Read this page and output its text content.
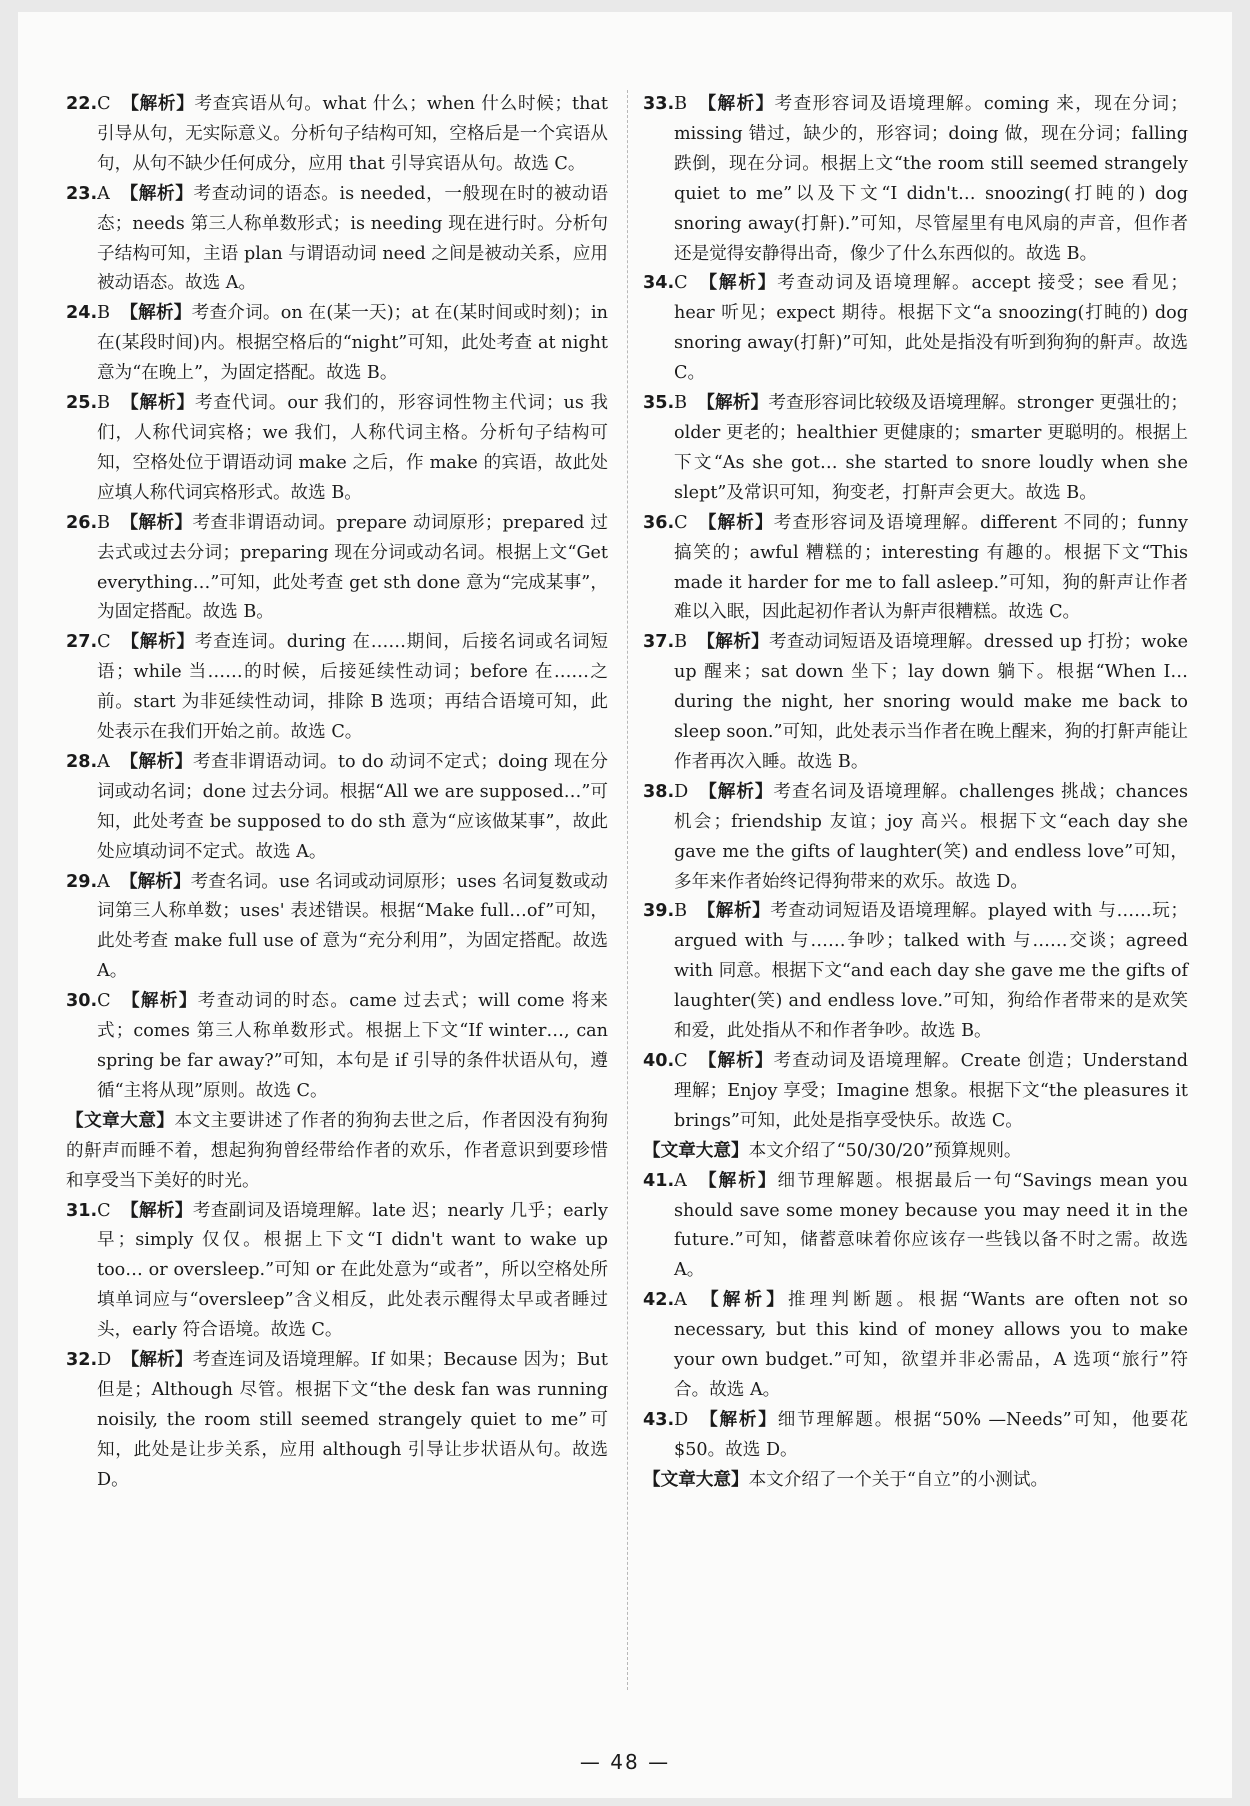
22.C 【解析】考查宾语从句。what 什么；when 什么时候；that 引导从句，无实际意义。分析句子结构可知，空格后是一个宾语从句，从句不缺少任何成分，应用 that 引导宾语从句。故选 C。

23.A 【解析】考查动词的语态。is needed，一般现在时的被动语态；needs 第三人称单数形式；is needing 现在进行时。分析句子结构可知，主语 plan 与谓语动词 need 之间是被动关系，应用被动语态。故选 A。

24.B 【解析】考查介词。on 在(某一天)；at 在(某时间或时刻)；in 在(某段时间)内。根据空格后的“night”可知，此处考查 at night 意为“在晚上”，为固定搭配。故选 B。

25.B 【解析】考查代词。our 我们的，形容词性物主代词；us 我们，人称代词宾格；we 我们，人称代词主格。分析句子结构可知，空格处位于谓语动词 make 之后，作 make 的宾语，故此处应填人称代词宾格形式。故选 B。

26.B 【解析】考查非谓语动词。prepare 动词原形；prepared 过去式或过去分词；preparing 现在分词或动名词。根据上文“Get everything…”可知，此处考查 get sth done 意为“完成某事”，为固定搭配。故选 B。

27.C 【解析】考查连词。during 在……期间，后接名词或名词短语；while 当……的时候，后接延续性动词；before 在……之前。start 为非延续性动词，排除 B 选项；再结合语境可知，此处表示在我们开始之前。故选 C。

28.A 【解析】考查非谓语动词。to do 动词不定式；doing 现在分词或动名词；done 过去分词。根据“All we are supposed…”可知，此处考查 be supposed to do sth 意为“应该做某事”，故此处应填动词不定式。故选 A。

29.A 【解析】考查名词。use 名词或动词原形；uses 名词复数或动词第三人称单数；uses' 表述错误。根据“Make full…of”可知，此处考查 make full use of 意为“充分利用”，为固定搭配。故选 A。

30.C 【解析】考查动词的时态。came 过去式；will come 将来式；comes 第三人称单数形式。根据上下文“If winter…, can spring be far away?”可知，本句是 if 引导的条件状语从句，遵循“主将从现”原则。故选 C。

【文章大意】本文主要讲述了作者的狗狗去世之后，作者因没有狗狗的鼾声而睡不着，想起狗狗曾经带给作者的欢乐，作者意识到要珍惜和享受当下美好的时光。

31.C 【解析】考查副词及语境理解。late 迟；nearly 几乎；early 早；simply 仅仅。根据上下文“I didn't want to wake up too… or oversleep.”可知 or 在此处意为“或者”，所以空格处所填单词应与“oversleep”含义相反，此处表示醒得太早或者睡过头，early 符合语境。故选 C。

32.D 【解析】考查连词及语境理解。If 如果；Because 因为；But 但是；Although 尽管。根据下文“the desk fan was running noisily, the room still seemed strangely quiet to me”可知，此处是让步关系，应用 although 引导让步状语从句。故选 D。

33.B 【解析】考查形容词及语境理解。coming 来，现在分词；missing 错过，缺少的，形容词；doing 做，现在分词；falling 跌倒，现在分词。根据上文“the room still seemed strangely quiet to me”以及下文“I didn't… snoozing(打盹的) dog snoring away(打鼾).”可知，尽管屋里有电风扇的声音，但作者还是觉得安静得出奇，像少了什么东西似的。故选 B。

34.C 【解析】考查动词及语境理解。accept 接受；see 看见；hear 听见；expect 期待。根据下文“a snoozing(打盹的) dog snoring away(打鼾)”可知，此处是指没有听到狗狗的鼾声。故选 C。

35.B 【解析】考查形容词比较级及语境理解。stronger 更强壮的；older 更老的；healthier 更健康的；smarter 更聪明的。根据上下文“As she got… she started to snore loudly when she slept”及常识可知，狗变老，打鼾声会更大。故选 B。

36.C 【解析】考查形容词及语境理解。different 不同的；funny 搞笑的；awful 糟糕的；interesting 有趣的。根据下文“This made it harder for me to fall asleep.”可知，狗的鼾声让作者难以入眠，因此起初作者认为鼾声很糟糕。故选 C。

37.B 【解析】考查动词短语及语境理解。dressed up 打扮；woke up 醒来；sat down 坐下；lay down 躺下。根据“When I… during the night, her snoring would make me back to sleep soon.”可知，此处表示当作者在晚上醒来，狗的打鼾声能让作者再次入睡。故选 B。

38.D 【解析】考查名词及语境理解。challenges 挑战；chances 机会；friendship 友谊；joy 高兴。根据下文“each day she gave me the gifts of laughter(笑) and endless love”可知，多年来作者始终记得狗带来的欢乐。故选 D。

39.B 【解析】考查动词短语及语境理解。played with 与……玩；argued with 与……争吵；talked with 与……交谈；agreed with 同意。根据下文“and each day she gave me the gifts of laughter(笑) and endless love.”可知，狗给作者带来的是欢笑和爱，此处指从不和作者争吵。故选 B。

40.C 【解析】考查动词及语境理解。Create 创造；Understand 理解；Enjoy 享受；Imagine 想象。根据下文“the pleasures it brings”可知，此处是指享受快乐。故选 C。

【文章大意】本文介绍了“50/30/20”预算规则。

41.A 【解析】细节理解题。根据最后一句“Savings mean you should save some money because you may need it in the future.”可知，储蓄意味着你应该存一些钱以备不时之需。故选 A。

42.A 【解析】推理判断题。根据“Wants are often not so necessary, but this kind of money allows you to make your own budget.”可知，欲望并非必需品，A 选项“旅行”符合。故选 A。

43.D 【解析】细节理解题。根据“50% —Needs”可知，他要花 $50。故选 D。

【文章大意】本文介绍了一个关于“自立”的小测试。

— 48 —
